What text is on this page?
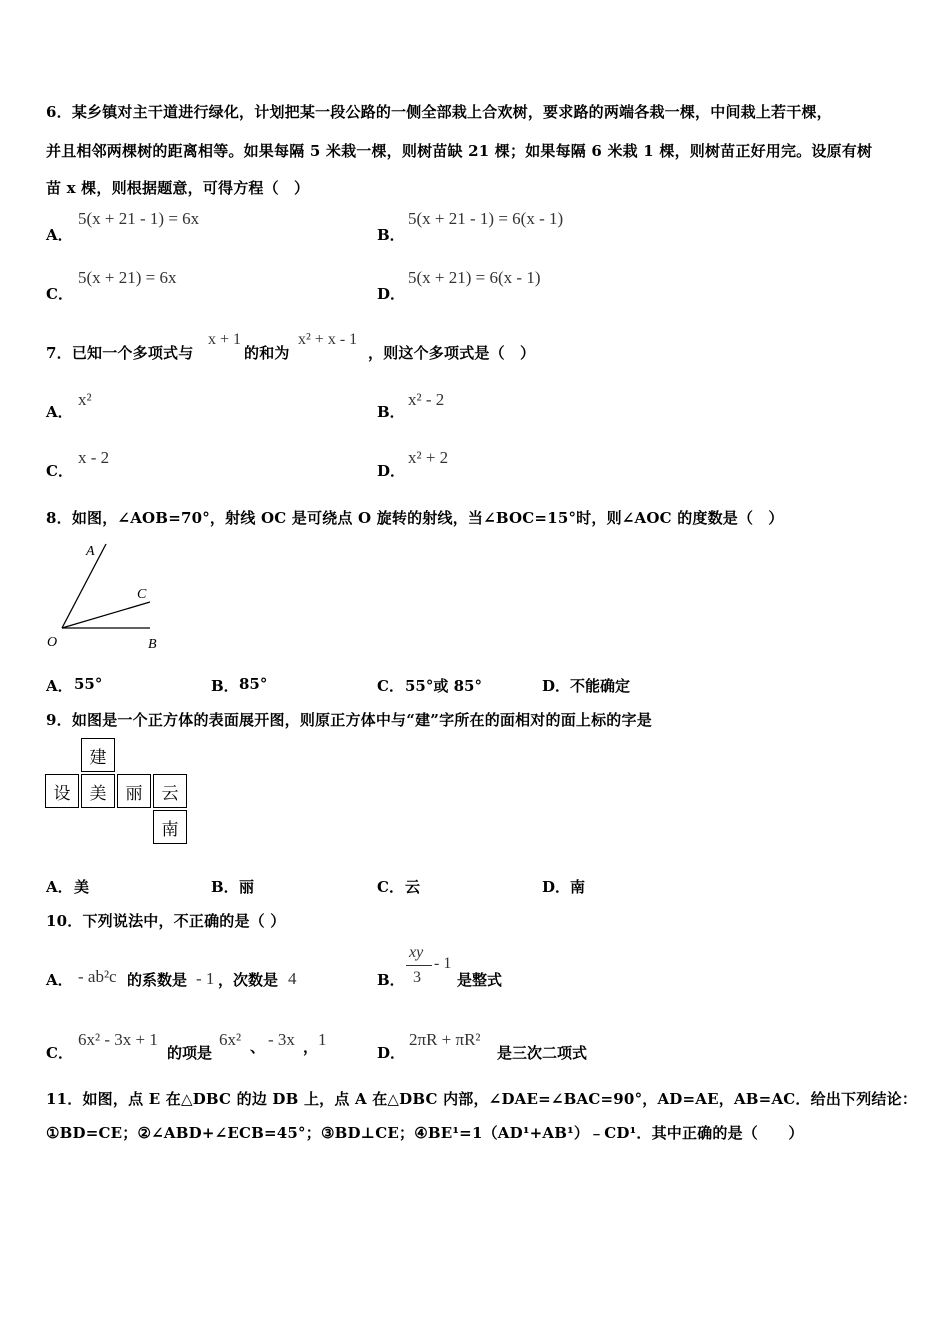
6．某乡镇对主干道进行绿化，计划把某一段公路的一侧全部栽上合欢树，要求路的两端各栽一棵，中间栽上若干棵，
并且相邻两棵树的距离相等。如果每隔 5 米栽一棵，则树苗缺 21 棵；如果每隔 6 米栽 1 棵，则树苗正好用完。设原有树
苗 x 棵，则根据题意，可得方程（　）
A．
5(x + 21 - 1) = 6x
B．
5(x + 21 - 1) = 6(x - 1)
C．
5(x + 21) = 6x
D．
5(x + 21) = 6(x - 1)
7．已知一个多项式与
x + 1
的和为
x² + x - 1
，则这个多项式是（　）
A．
x²
B．
x² - 2
C．
x - 2
D．
x² + 2
8．如图，∠AOB=70°，射线 OC 是可绕点 O 旋转的射线，当∠BOC=15°时，则∠AOC 的度数是（　）
A
C
O	B
A． 55°	B． 85°	C． 55°或 85°	D． 不能确定
9．如图是一个正方体的表面展开图，则原正方体中与“建”字所在的面相对的面上标的字是
建
设	美	丽	云
南
A． 美	B． 丽	C． 云	D． 南
10．下列说法中，不正确的是（ ）
A． - ab²c 的系数是 - 1 ，次数是 4	B．
xy
3
- 1
是整式
C．
6x² - 3x + 1
的项是
6x² 、 - 3x ， 1
D．
2πR + πR²
是三次二项式
11．如图，点 E 在△DBC 的边 DB 上，点 A 在△DBC 内部，∠DAE=∠BAC=90°，AD=AE，AB=AC．给出下列结论：
①BD=CE；②∠ABD+∠ECB=45°；③BD⊥CE；④BE¹=1（AD¹+AB¹）﹣CD¹．其中正确的是（　　）
